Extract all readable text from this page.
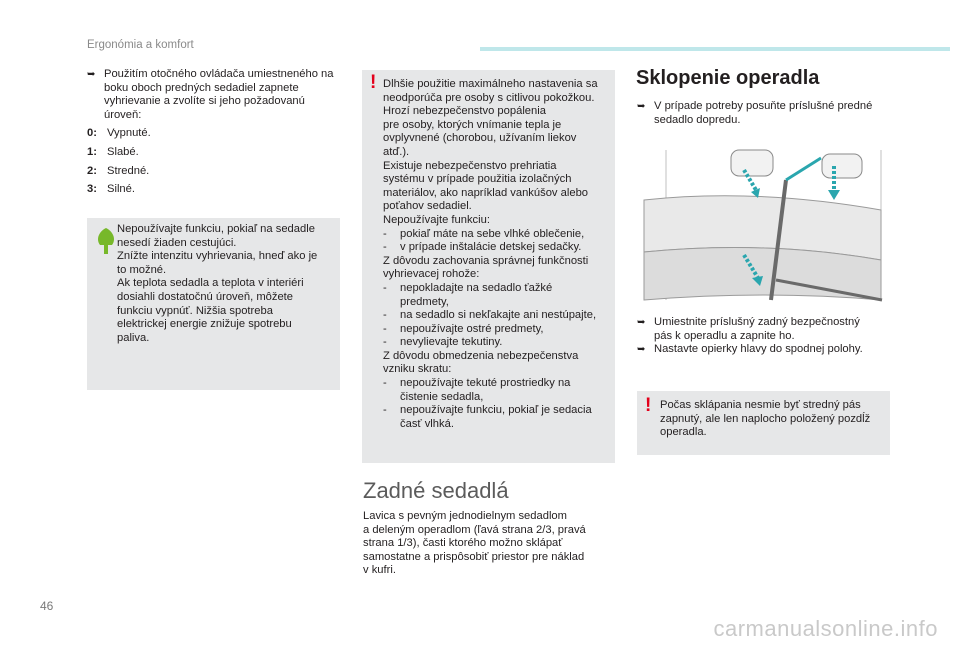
Ergonómia a komfort
➥ Použitím otočného ovládača umiestneného na boku oboch predných sedadiel zapnete vyhrievanie a zvolíte si jeho požadovanú úroveň:
0: Vypnuté.
1: Slabé.
2: Stredné.
3: Silné.
Nepoužívajte funkciu, pokiaľ na sedadle
nesedí žiaden cestujúci.
Znížte intenzitu vyhrievania, hneď ako je
to možné.
Ak teplota sedadla a teplota v interiéri
dosiahli dostatočnú úroveň, môžete
funkciu vypnúť. Nižšia spotreba
elektrickej energie znižuje spotrebu
paliva.
! Dlhšie použitie maximálneho nastavenia sa
neodporúča pre osoby s citlivou pokožkou.
Hrozí nebezpečenstvo popálenia
pre osoby, ktorých vnímanie tepla je
ovplyvnené (chorobou, užívaním liekov
atď.).
Existuje nebezpečenstvo prehriatia
systému v prípade použitia izolačných
materiálov, ako napríklad vankúšov alebo
poťahov sedadiel.
Nepoužívajte funkciu:
-	pokiaľ máte na sebe vlhké oblečenie,
-	v prípade inštalácie detskej sedačky.
Z dôvodu zachovania správnej funkčnosti
vyhrievacej rohože:
-	nepokladajte na sedadlo ťažké
predmety,
-	na sedadlo si nekľakajte ani nestúpajte,
-	nepoužívajte ostré predmety,
-	nevylievajte tekutiny.
Z dôvodu obmedzenia nebezpečenstva
vzniku skratu:
-	nepoužívajte tekuté prostriedky na
čistenie sedadla,
-	nepoužívajte funkciu, pokiaľ je sedacia
časť vlhká.
Zadné sedadlá
Lavica s pevným jednodielnym sedadlom
a deleným operadlom (ľavá strana 2/3, pravá
strana 1/3), časti ktorého možno sklápať
samostatne a prispôsobiť priestor pre náklad
v kufri.
Sklopenie operadla
➥ V prípade potreby posuňte príslušné predné
sedadlo dopredu.
➥ Umiestnite príslušný zadný bezpečnostný
pás k operadlu a zapnite ho.
➥ Nastavte opierky hlavy do spodnej polohy.
! Počas sklápania nesmie byť stredný pás
zapnutý, ale len naplocho položený pozdĺž
operadla.
46
carmanualsonline.info
